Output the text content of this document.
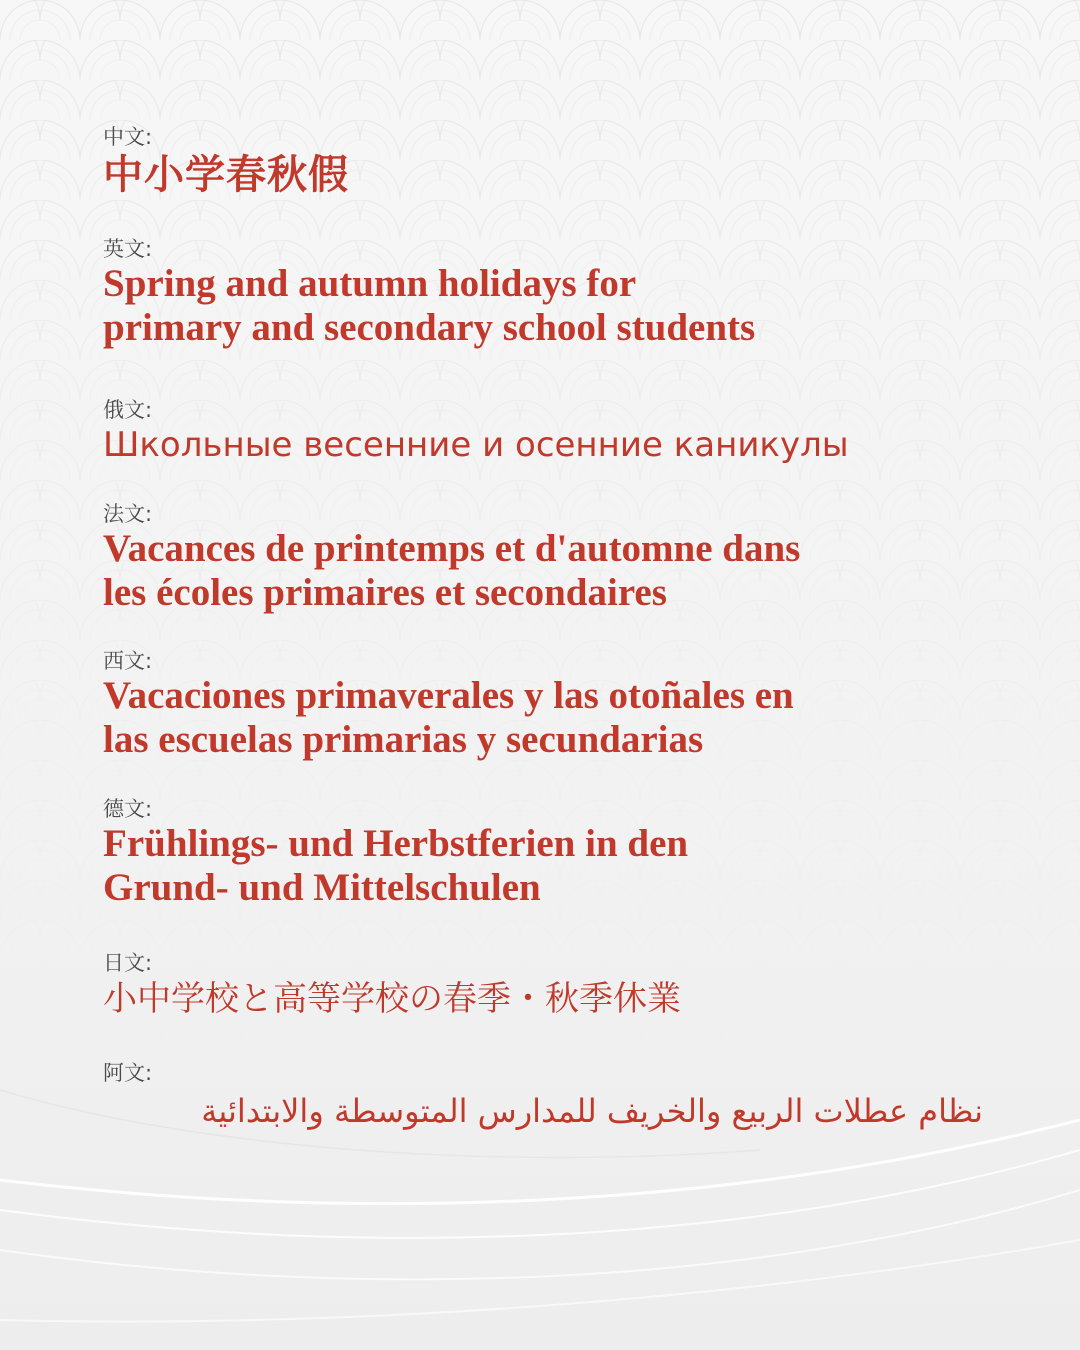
中文:
中小学春秋假
英文:
Spring and autumn holidays for
primary and secondary school students
俄文:
Школьные весенние и осенние каникулы
法文:
Vacances de printemps et d'automne dans
les écoles primaires et secondaires
西文:
Vacaciones primaverales y las otoñales en
las escuelas primarias y secundarias
德文:
Frühlings- und Herbstferien in den
Grund- und Mittelschulen
日文:
小中学校と高等学校の春季・秋季休業
阿文:
نظام عطلات الربيع والخريف للمدارس المتوسطة والابتدائية
